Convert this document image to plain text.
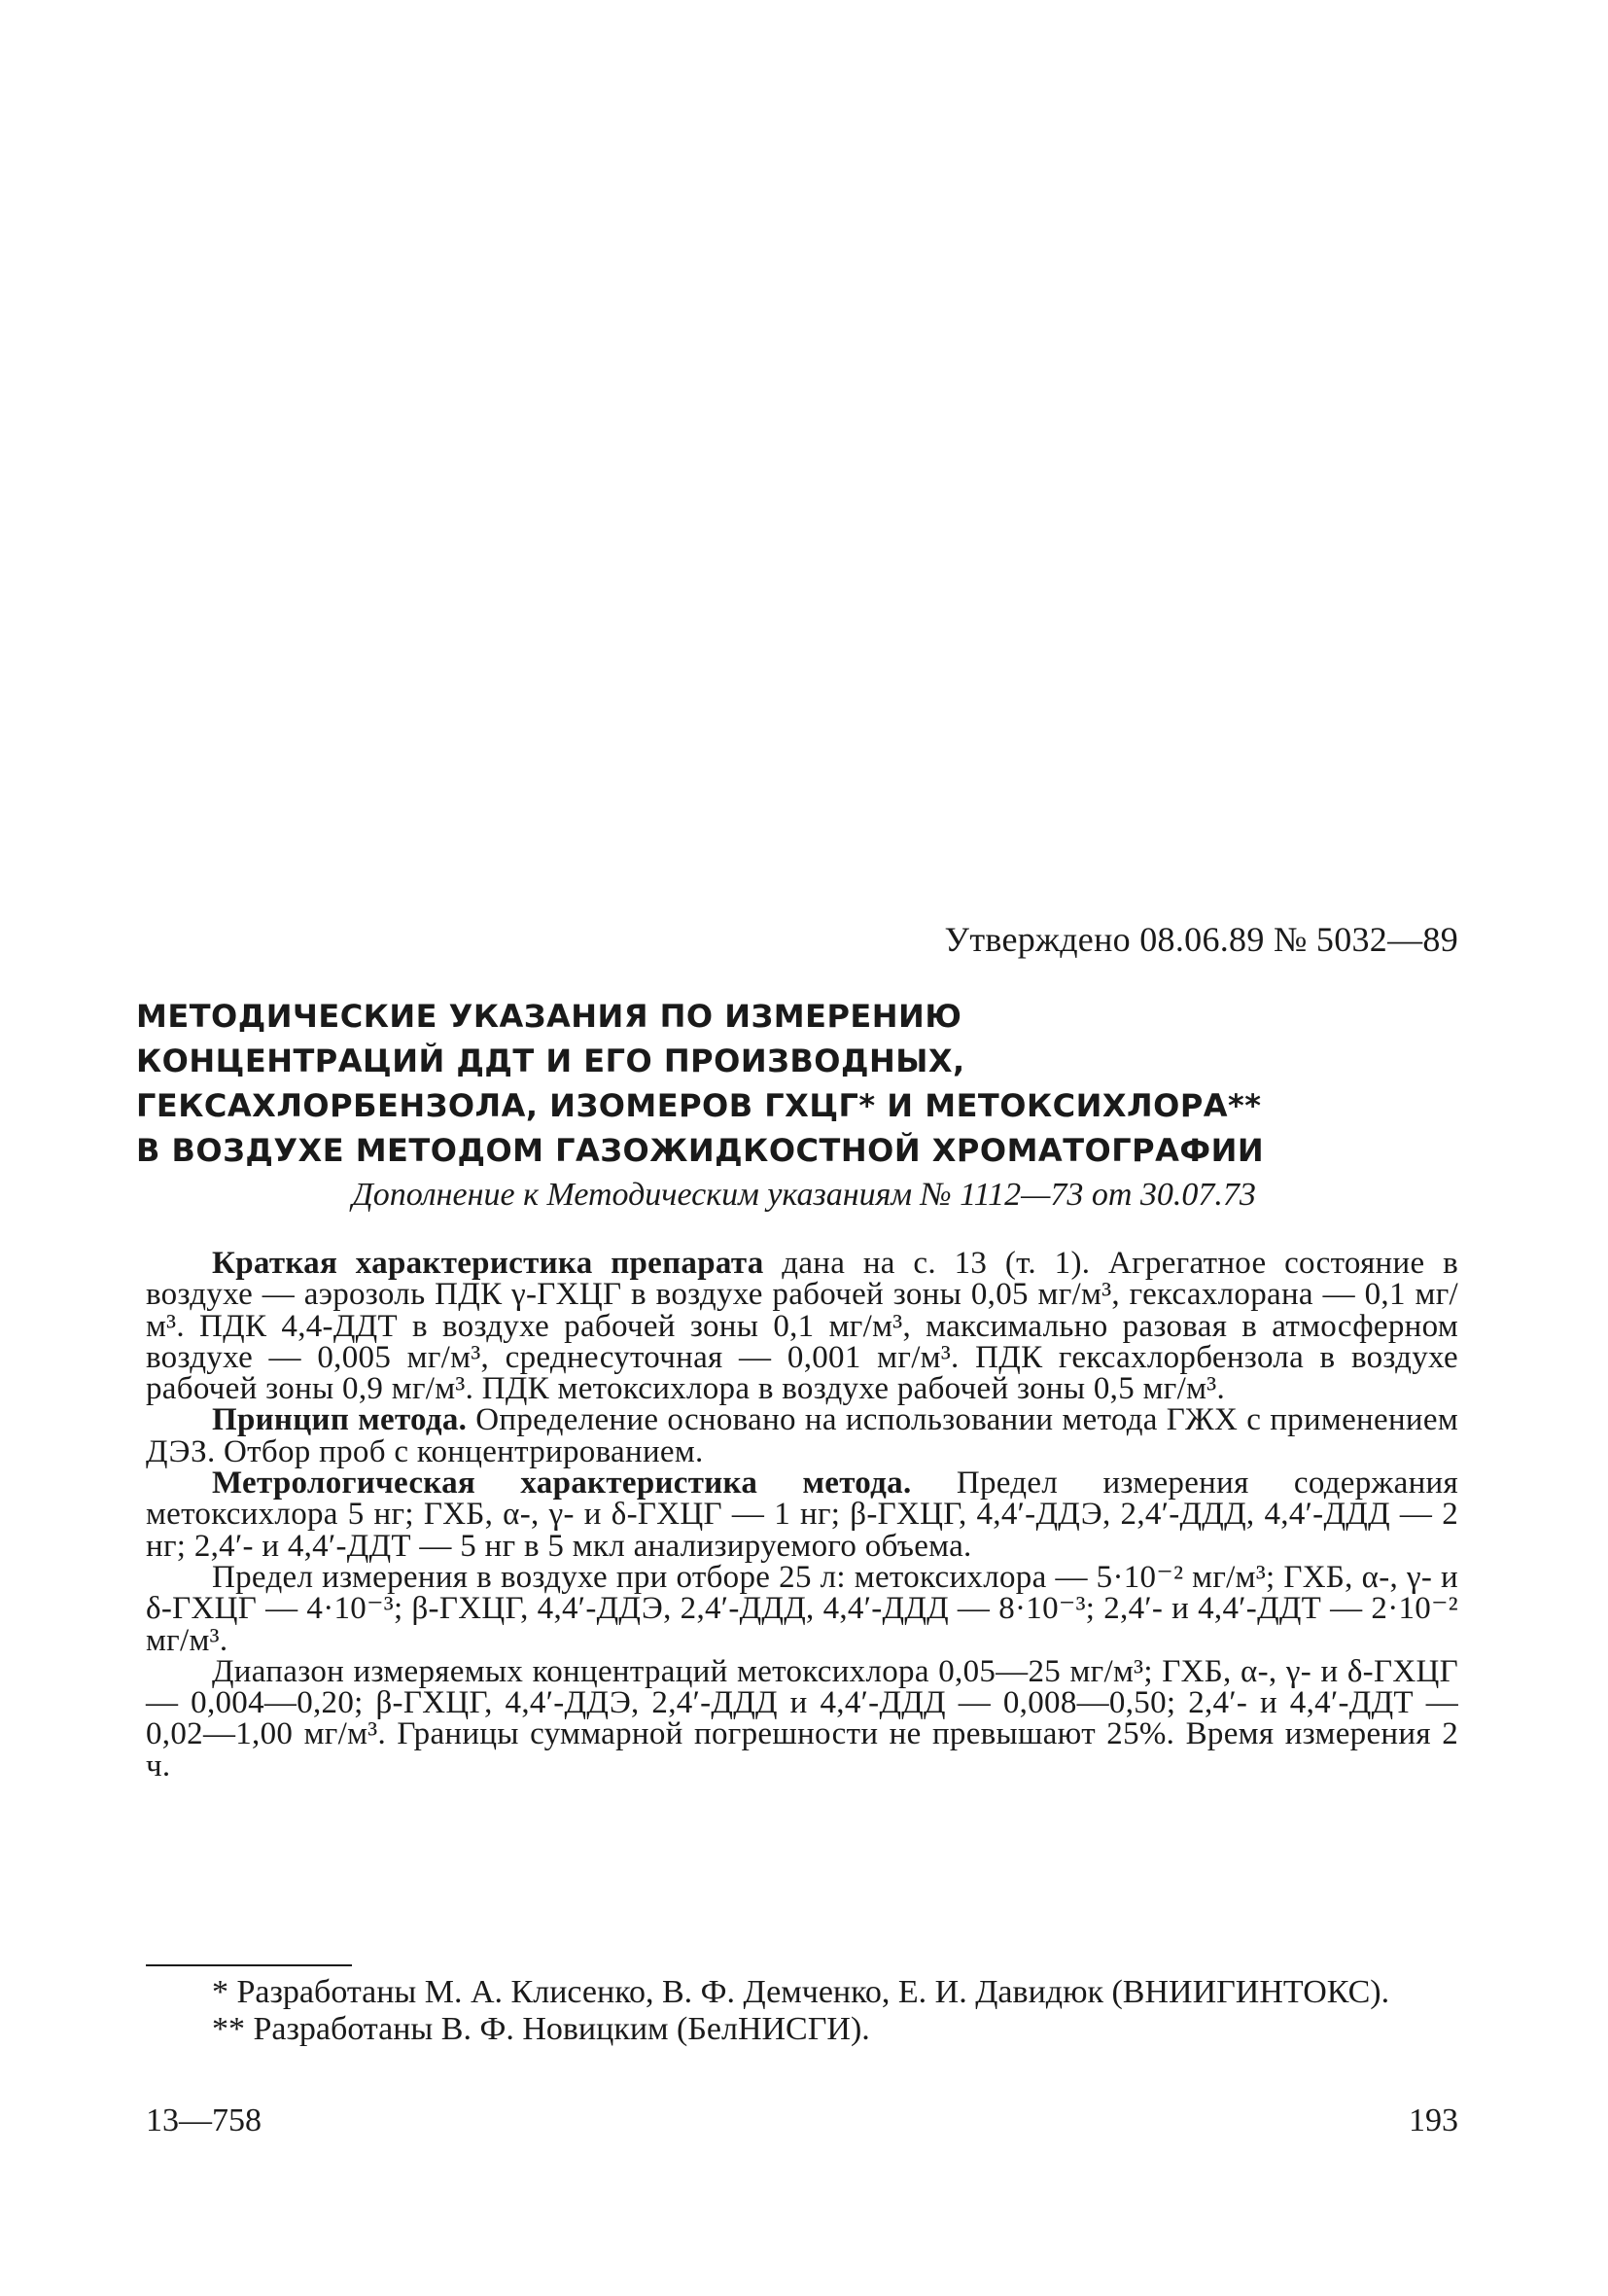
Утверждено 08.06.89 № 5032—89
МЕТОДИЧЕСКИЕ УКАЗАНИЯ ПО ИЗМЕРЕНИЮ
КОНЦЕНТРАЦИЙ ДДТ И ЕГО ПРОИЗВОДНЫХ,
ГЕКСАХЛОРБЕНЗОЛА, ИЗОМЕРОВ ГХЦГ* И МЕТОКСИХЛОРА**
В ВОЗДУХЕ МЕТОДОМ ГАЗОЖИДКОСТНОЙ ХРОМАТОГРАФИИ
Дополнение к Методическим указаниям № 1112—73 от 30.07.73

Краткая характеристика препарата дана на с. 13 (т. 1). Агрегатное состояние в воздухе — аэрозоль ПДК γ-ГХЦГ в воздухе рабочей зоны 0,05 мг/м³, гексахлорана — 0,1 мг/м³. ПДК 4,4-ДДТ в воздухе рабочей зоны 0,1 мг/м³, максимально разовая в атмосферном воздухе — 0,005 мг/м³, среднесуточная — 0,001 мг/м³. ПДК гексахлорбензола в воздухе рабочей зоны 0,9 мг/м³. ПДК метоксихлора в воздухе рабочей зоны 0,5 мг/м³.

Принцип метода. Определение основано на использовании метода ГЖХ с применением ДЭЗ. Отбор проб с концентрированием.

Метрологическая характеристика метода. Предел измерения содержания метоксихлора 5 нг; ГХБ, α-, γ- и δ-ГХЦГ — 1 нг; β-ГХЦГ, 4,4′-ДДЭ, 2,4′-ДДД, 4,4′-ДДД — 2 нг; 2,4′- и 4,4′-ДДТ — 5 нг в 5 мкл анализируемого объема.

Предел измерения в воздухе при отборе 25 л: метоксихлора — 5·10⁻² мг/м³; ГХБ, α-, γ- и δ-ГХЦГ — 4·10⁻³; β-ГХЦГ, 4,4′-ДДЭ, 2,4′-ДДД, 4,4′-ДДД — 8·10⁻³; 2,4′- и 4,4′-ДДТ — 2·10⁻² мг/м³.

Диапазон измеряемых концентраций метоксихлора 0,05—25 мг/м³; ГХБ, α-, γ- и δ-ГХЦГ — 0,004—0,20; β-ГХЦГ, 4,4′-ДДЭ, 2,4′-ДДД и 4,4′-ДДД — 0,008—0,50; 2,4′- и 4,4′-ДДТ — 0,02—1,00 мг/м³. Границы суммарной погрешности не превышают 25%. Время измерения 2 ч.

* Разработаны М. А. Клисенко, В. Ф. Демченко, Е. И. Давидюк (ВНИИГИНТОКС).

** Разработаны В. Ф. Новицким (БелНИСГИ).

13—758	193
